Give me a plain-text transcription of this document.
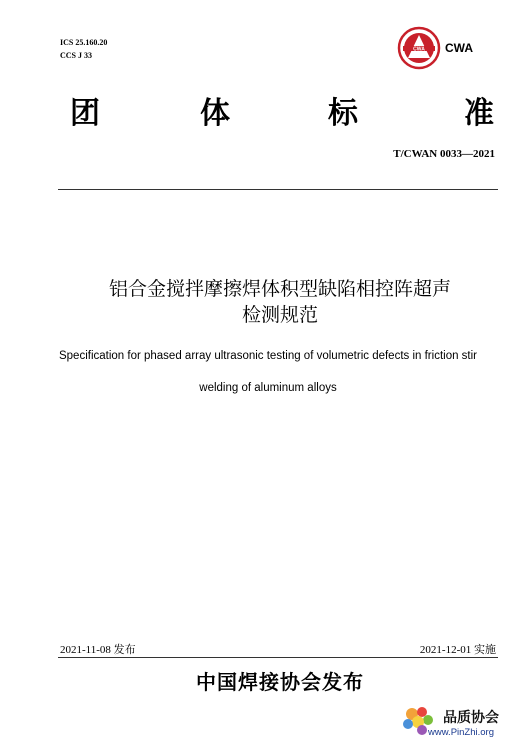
ICS 25.160.20
CCS J 33
CWA CWA
团	体	标	准
T/CWAN 0033—2021
铝合金搅拌摩擦焊体积型缺陷相控阵超声
检测规范
Specification for phased array ultrasonic testing of volumetric defects in friction stir
welding of aluminum alloys
2021-11-08 发布	2021-12-01 实施
中国焊接协会发布
品质协会
www.PinZhi.org
